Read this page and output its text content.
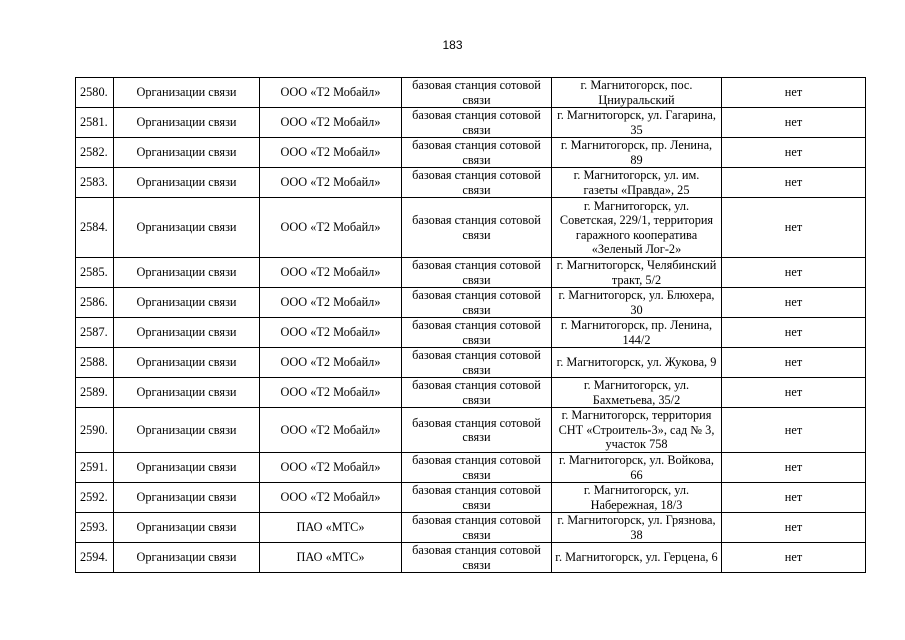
183
2580.	Организации связи	ООО «Т2 Мобайл»	базовая станция сотовой связи	г. Магнитогорск, пос. Цниуральский	нет
2581.	Организации связи	ООО «Т2 Мобайл»	базовая станция сотовой связи	г. Магнитогорск, ул. Гагарина, 35	нет
2582.	Организации связи	ООО «Т2 Мобайл»	базовая станция сотовой связи	г. Магнитогорск, пр. Ленина, 89	нет
2583.	Организации связи	ООО «Т2 Мобайл»	базовая станция сотовой связи	г. Магнитогорск, ул. им. газеты «Правда», 25	нет
2584.	Организации связи	ООО «Т2 Мобайл»	базовая станция сотовой связи	г. Магнитогорск, ул. Советская, 229/1, территория гаражного кооператива «Зеленый Лог-2»	нет
2585.	Организации связи	ООО «Т2 Мобайл»	базовая станция сотовой связи	г. Магнитогорск, Челябинский тракт, 5/2	нет
2586.	Организации связи	ООО «Т2 Мобайл»	базовая станция сотовой связи	г. Магнитогорск, ул. Блюхера, 30	нет
2587.	Организации связи	ООО «Т2 Мобайл»	базовая станция сотовой связи	г. Магнитогорск, пр. Ленина, 144/2	нет
2588.	Организации связи	ООО «Т2 Мобайл»	базовая станция сотовой связи	г. Магнитогорск, ул. Жукова, 9	нет
2589.	Организации связи	ООО «Т2 Мобайл»	базовая станция сотовой связи	г. Магнитогорск, ул. Бахметьева, 35/2	нет
2590.	Организации связи	ООО «Т2 Мобайл»	базовая станция сотовой связи	г. Магнитогорск, территория СНТ «Строитель-3», сад № 3, участок 758	нет
2591.	Организации связи	ООО «Т2 Мобайл»	базовая станция сотовой связи	г. Магнитогорск, ул. Войкова, 66	нет
2592.	Организации связи	ООО «Т2 Мобайл»	базовая станция сотовой связи	г. Магнитогорск, ул. Набережная, 18/3	нет
2593.	Организации связи	ПАО «МТС»	базовая станция сотовой связи	г. Магнитогорск, ул. Грязнова, 38	нет
2594.	Организации связи	ПАО «МТС»	базовая станция сотовой связи	г. Магнитогорск, ул. Герцена, 6	нет
